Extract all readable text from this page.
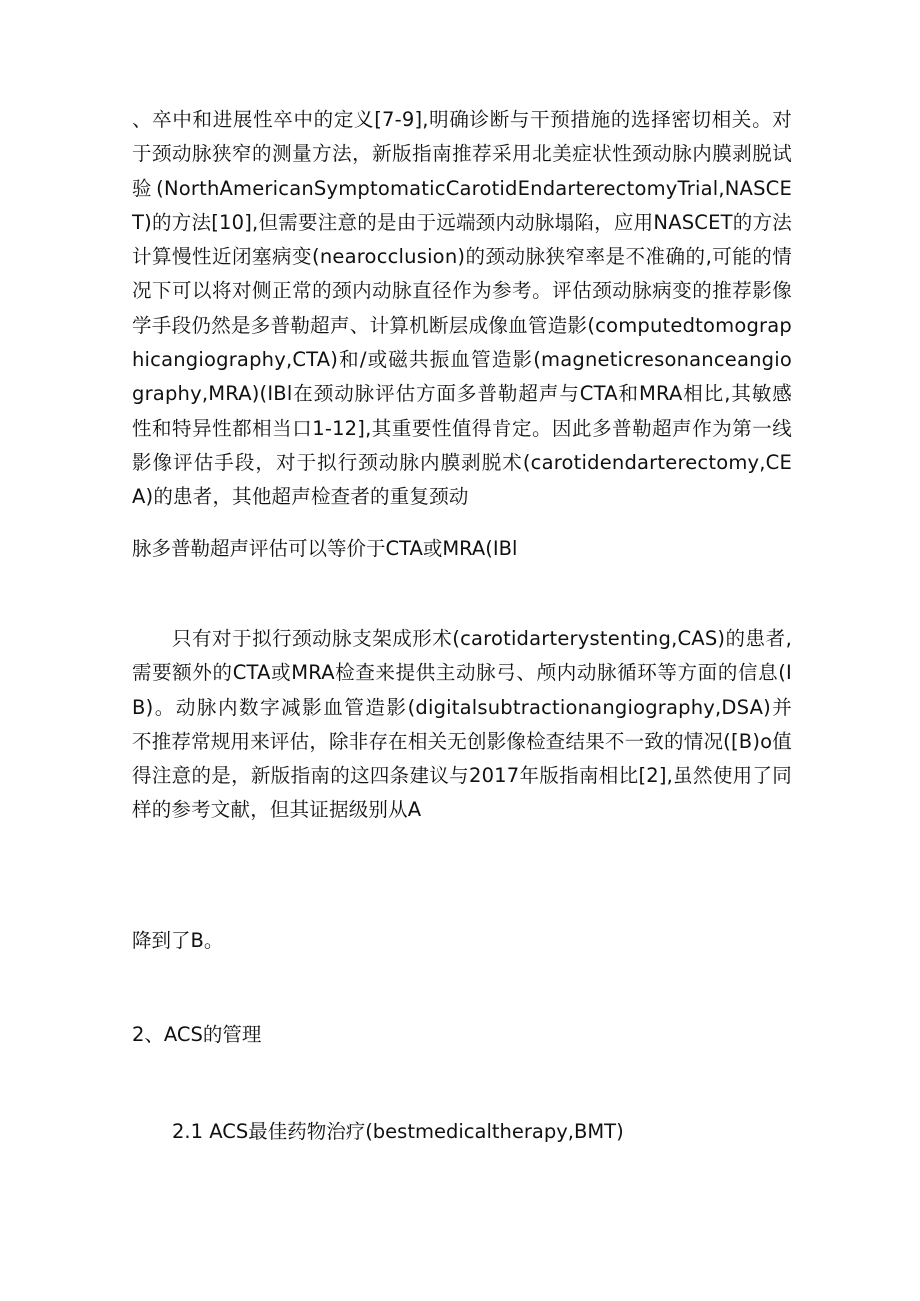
、卒中和进展性卒中的定义[7-9],明确诊断与干预措施的选择密切相关。对于颈动脉狭窄的测量方法，新版指南推荐采用北美症状性颈动脉内膜剥脱试验(NorthAmericanSymptomaticCarotidEndarterectomyTrial,NASCET)的方法[10],但需要注意的是由于远端颈内动脉塌陷，应用NASCET的方法计算慢性近闭塞病变(nearocclusion)的颈动脉狭窄率是不准确的,可能的情况下可以将对侧正常的颈内动脉直径作为参考。评估颈动脉病变的推荐影像学手段仍然是多普勒超声、计算机断层成像血管造影(computedtomographicangiography,CTA)和/或磁共振血管造影(magneticresonanceangiography,MRA)(IBl在颈动脉评估方面多普勒超声与CTA和MRA相比,其敏感性和特异性都相当口1-12],其重要性值得肯定。因此多普勒超声作为第一线影像评估手段，对于拟行颈动脉内膜剥脱术(carotidendarterectomy,CEA)的患者，其他超声检查者的重复颈动

脉多普勒超声评估可以等价于CTA或MRA(IBl

只有对于拟行颈动脉支架成形术(carotidarterystenting,CAS)的患者,需要额外的CTA或MRA检查来提供主动脉弓、颅内动脉循环等方面的信息(IB)。动脉内数字减影血管造影(digitalsubtractionangiography,DSA)并不推荐常规用来评估，除非存在相关无创影像检查结果不一致的情况([B)o值得注意的是，新版指南的这四条建议与2017年版指南相比[2],虽然使用了同样的参考文献，但其证据级别从A

降到了B。

2、ACS的管理

2.1 ACS最佳药物治疗(bestmedicaltherapy,BMT)
